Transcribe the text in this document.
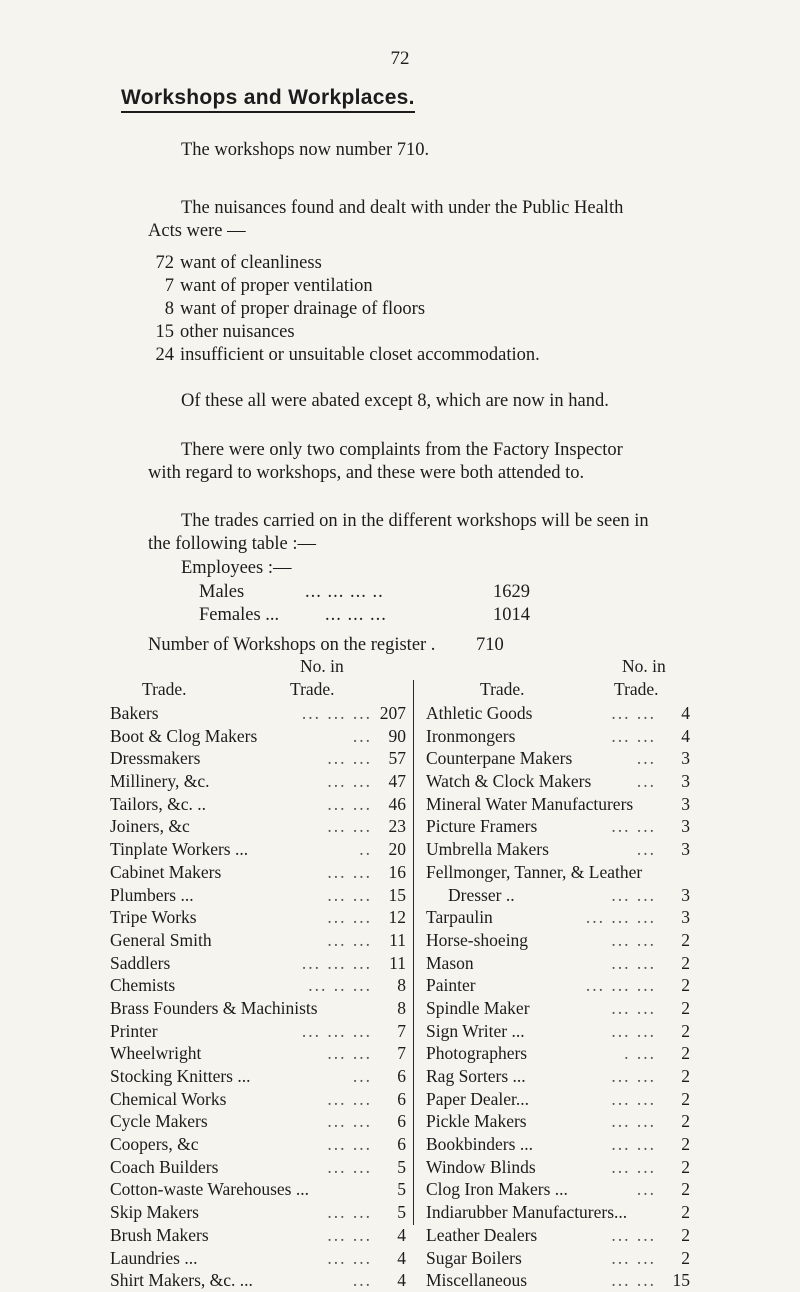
72
Workshops and Workplaces.
The workshops now number 710.
The nuisances found and dealt with under the Public Health
Acts were —
72 want of cleanliness
7 want of proper ventilation
8 want of proper drainage of floors
15 other nuisances
24 insufficient or unsuitable closet accommodation.
Of these all were abated except 8, which are now in hand.
There were only two complaints from the Factory Inspector
with regard to workshops, and these were both attended to.
The trades carried on in the different workshops will be seen in
the following table :—
Employees :—
Males	... ... ... ..	1629
Females ... ... ... ...	1014
Number of Workshops on the register . 710
Trade.
No. in
Trade.
Bakers	... ... ... 207
Boot & Clog Makers	... 90
Dressmakers	... ... 57
Millinery, &c.	... ... 47
Tailors, &c. ..	... ... 46
Joiners, &c	... ... 23
Tinplate Workers ...	.. 20
Cabinet Makers	... ... 16
Plumbers ...	... ... 15
Tripe Works	... ... 12
General Smith	... ... 11
Saddlers	... ... ... 11
Chemists	... .. ... 8
Brass Founders & Machinists	8
Printer	... ... ... 7
Wheelwright	... ... 7
Stocking Knitters ...	... 6
Chemical Works	... ... 6
Cycle Makers	... ... 6
Coopers, &c	... ... 6
Coach Builders	... ... 5
Cotton-waste Warehouses ...	5
Skip Makers	... ... 5
Brush Makers	... ... 4
Laundries ...	... ... 4
Shirt Makers, &c. ...	... 4
Trade.
No. in
Trade.
Athletic Goods	... ... 4
Ironmongers	... ... 4
Counterpane Makers	... 3
Watch & Clock Makers	... 3
Mineral Water Manufacturers	3
Picture Framers	... ... 3
Umbrella Makers	... 3
Fellmonger, Tanner, & Leather
Dresser ..	... ... 3
Tarpaulin	... ... ... 3
Horse-shoeing	... ... 2
Mason	... ... 2
Painter	... ... ... 2
Spindle Maker	... ... 2
Sign Writer ...	... ... 2
Photographers	. ... 2
Rag Sorters ...	... ... 2
Paper Dealer...	... ... 2
Pickle Makers	... ... 2
Bookbinders ...	... ... 2
Window Blinds	... ... 2
Clog Iron Makers ...	... 2
Indiarubber Manufacturers...	2
Leather Dealers	... ... 2
Sugar Boilers	... ... 2
Miscellaneous	... ... 15
